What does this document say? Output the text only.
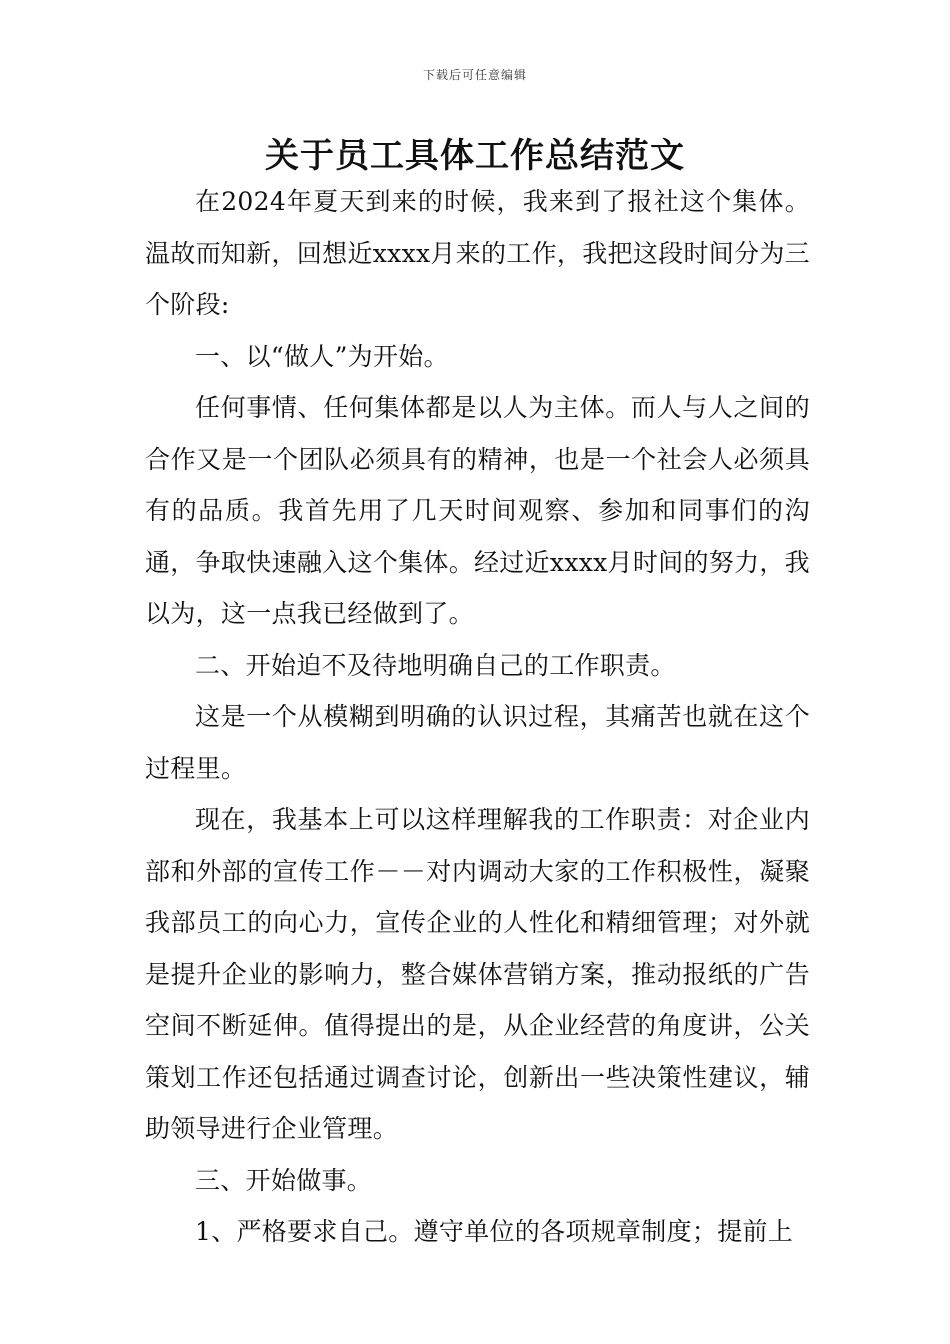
下载后可任意编辑
关于员工具体工作总结范文

在2024年夏天到来的时候，我来到了报社这个集体。温故而知新，回想近xxxx月来的工作，我把这段时间分为三个阶段:

一、以“做人”为开始。

任何事情、任何集体都是以人为主体。而人与人之间的合作又是一个团队必须具有的精神，也是一个社会人必须具有的品质。我首先用了几天时间观察、参加和同事们的沟通，争取快速融入这个集体。经过近xxxx月时间的努力，我以为，这一点我已经做到了。

二、开始迫不及待地明确自己的工作职责。

这是一个从模糊到明确的认识过程，其痛苦也就在这个过程里。

现在，我基本上可以这样理解我的工作职责：对企业内部和外部的宣传工作－－对内调动大家的工作积极性，凝聚我部员工的向心力，宣传企业的人性化和精细管理；对外就是提升企业的影响力，整合媒体营销方案，推动报纸的广告空间不断延伸。值得提出的是，从企业经营的角度讲，公关策划工作还包括通过调查讨论，创新出一些决策性建议，辅助领导进行企业管理。

三、开始做事。

1、严格要求自己。遵守单位的各项规章制度；提前上
